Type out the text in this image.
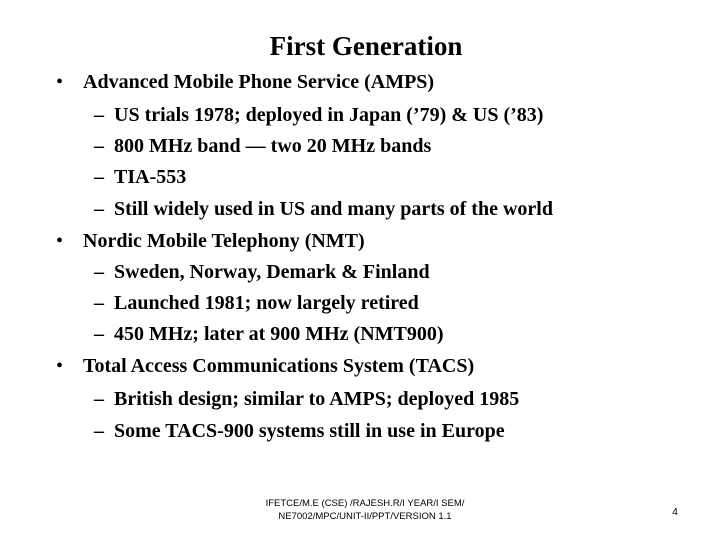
First Generation
• Advanced Mobile Phone Service (AMPS)
– US trials 1978; deployed in Japan (’79) & US (’83)
– 800 MHz band — two 20 MHz bands
– TIA-553
– Still widely used in US and many parts of the world
• Nordic Mobile Telephony (NMT)
– Sweden, Norway, Demark & Finland
– Launched 1981; now largely retired
– 450 MHz; later at 900 MHz (NMT900)
• Total Access Communications System (TACS)
– British design; similar to AMPS; deployed 1985
– Some TACS-900 systems still in use in Europe
IFETCE/M.E (CSE) /RAJESH.R/I YEAR/I SEM/
NE7002/MPC/UNIT-II/PPT/VERSION 1.1	4
